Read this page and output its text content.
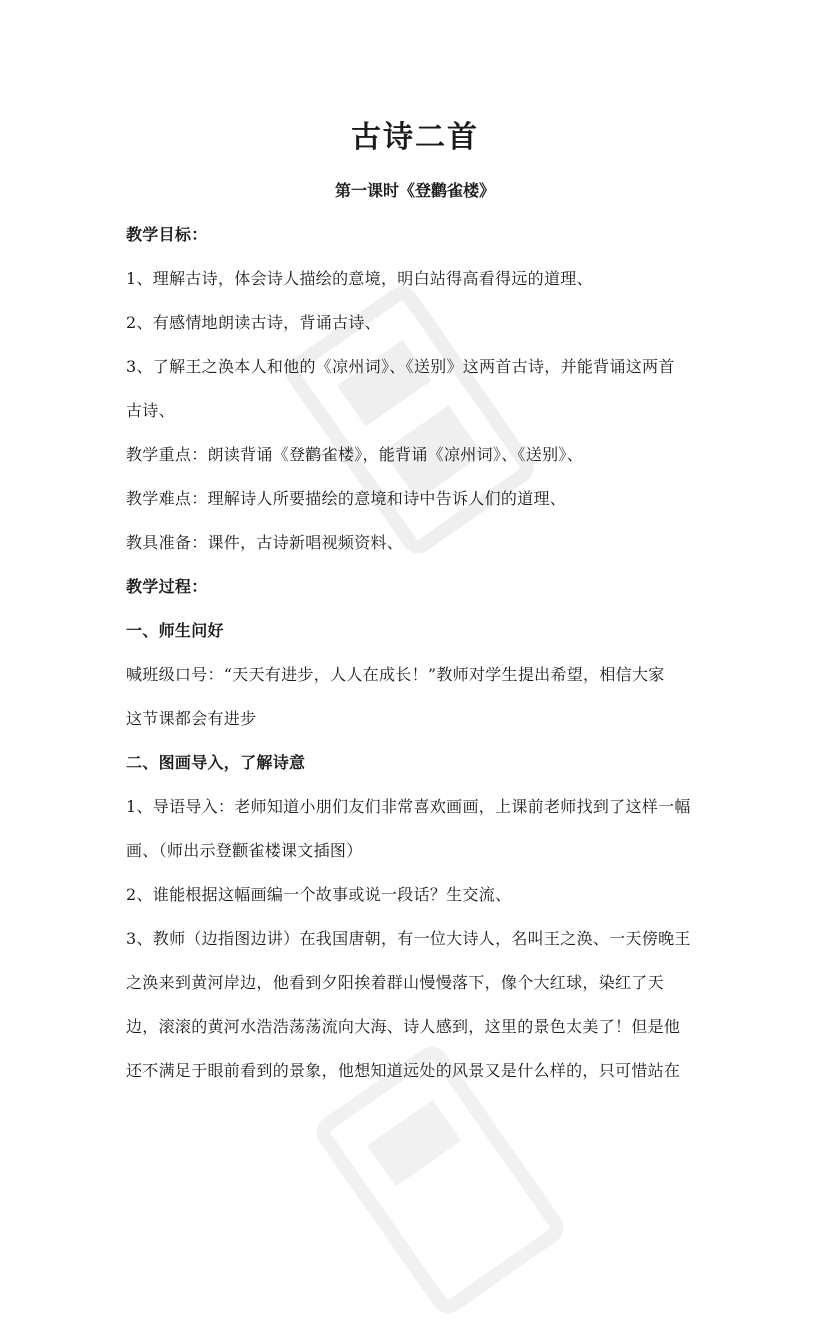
古诗二首
第一课时《登鹳雀楼》
教学目标：
1、理解古诗，体会诗人描绘的意境，明白站得高看得远的道理、
2、有感情地朗读古诗，背诵古诗、
3、了解王之涣本人和他的《凉州词》、《送别》这两首古诗，并能背诵这两首
古诗、
教学重点：朗读背诵《登鹳雀楼》，能背诵《凉州词》、《送别》、
教学难点：理解诗人所要描绘的意境和诗中告诉人们的道理、
教具准备：课件，古诗新唱视频资料、
教学过程：
一、师生问好
喊班级口号：“天天有进步，人人在成长！”教师对学生提出希望，相信大家
这节课都会有进步
二、图画导入，了解诗意
1、导语导入：老师知道小朋们友们非常喜欢画画，上课前老师找到了这样一幅
画、（师出示登颧雀楼课文插图）
2、谁能根据这幅画编一个故事或说一段话？生交流、
3、教师（边指图边讲）在我国唐朝，有一位大诗人，名叫王之涣、一天傍晚王
之涣来到黄河岸边，他看到夕阳挨着群山慢慢落下，像个大红球，染红了天
边，滚滚的黄河水浩浩荡荡流向大海、诗人感到，这里的景色太美了！但是他
还不满足于眼前看到的景象，他想知道远处的风景又是什么样的，只可惜站在
